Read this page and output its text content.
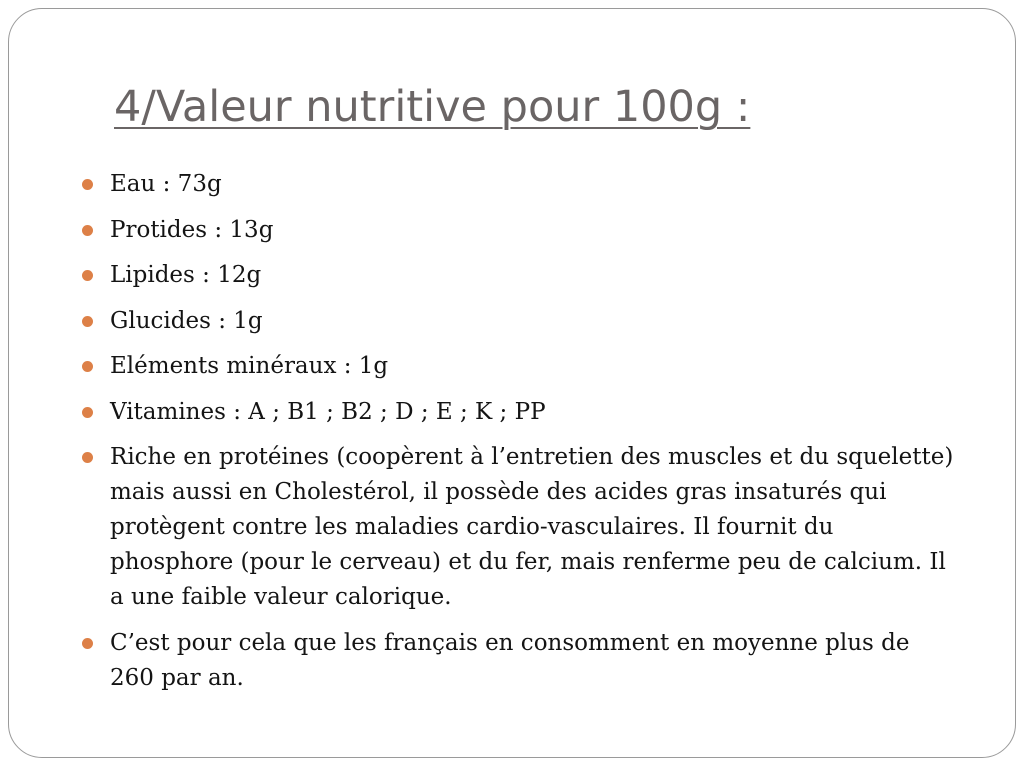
4/Valeur nutritive pour 100g :
Eau : 73g
Protides : 13g
Lipides : 12g
Glucides : 1g
Eléments minéraux : 1g
Vitamines : A ; B1 ; B2 ; D ; E ; K ; PP
Riche en protéines (coopèrent à l’entretien des muscles et du squelette) mais aussi en Cholestérol, il possède des acides gras insaturés qui protègent contre les maladies cardio-vasculaires. Il fournit du phosphore (pour le cerveau) et du fer, mais renferme peu de calcium. Il a une faible valeur calorique.
C’est pour cela que les français en consomment en moyenne plus de 260 par an.
